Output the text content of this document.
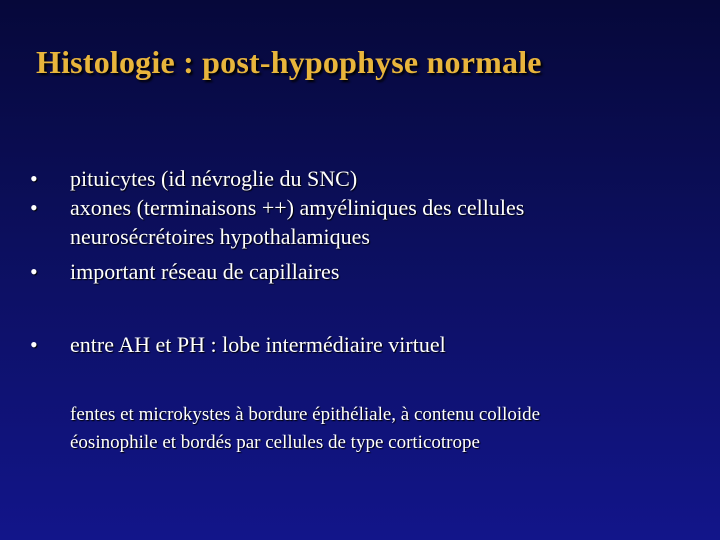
Histologie : post-hypophyse normale
•	pituicytes (id névroglie du SNC)
•	axones (terminaisons ++) amyéliniques des cellules
neurosécrétoires hypothalamiques
•	important réseau de capillaires
•	entre AH et PH : lobe intermédiaire virtuel
fentes et microkystes à bordure épithéliale, à contenu colloide
éosinophile et bordés par cellules de type corticotrope
